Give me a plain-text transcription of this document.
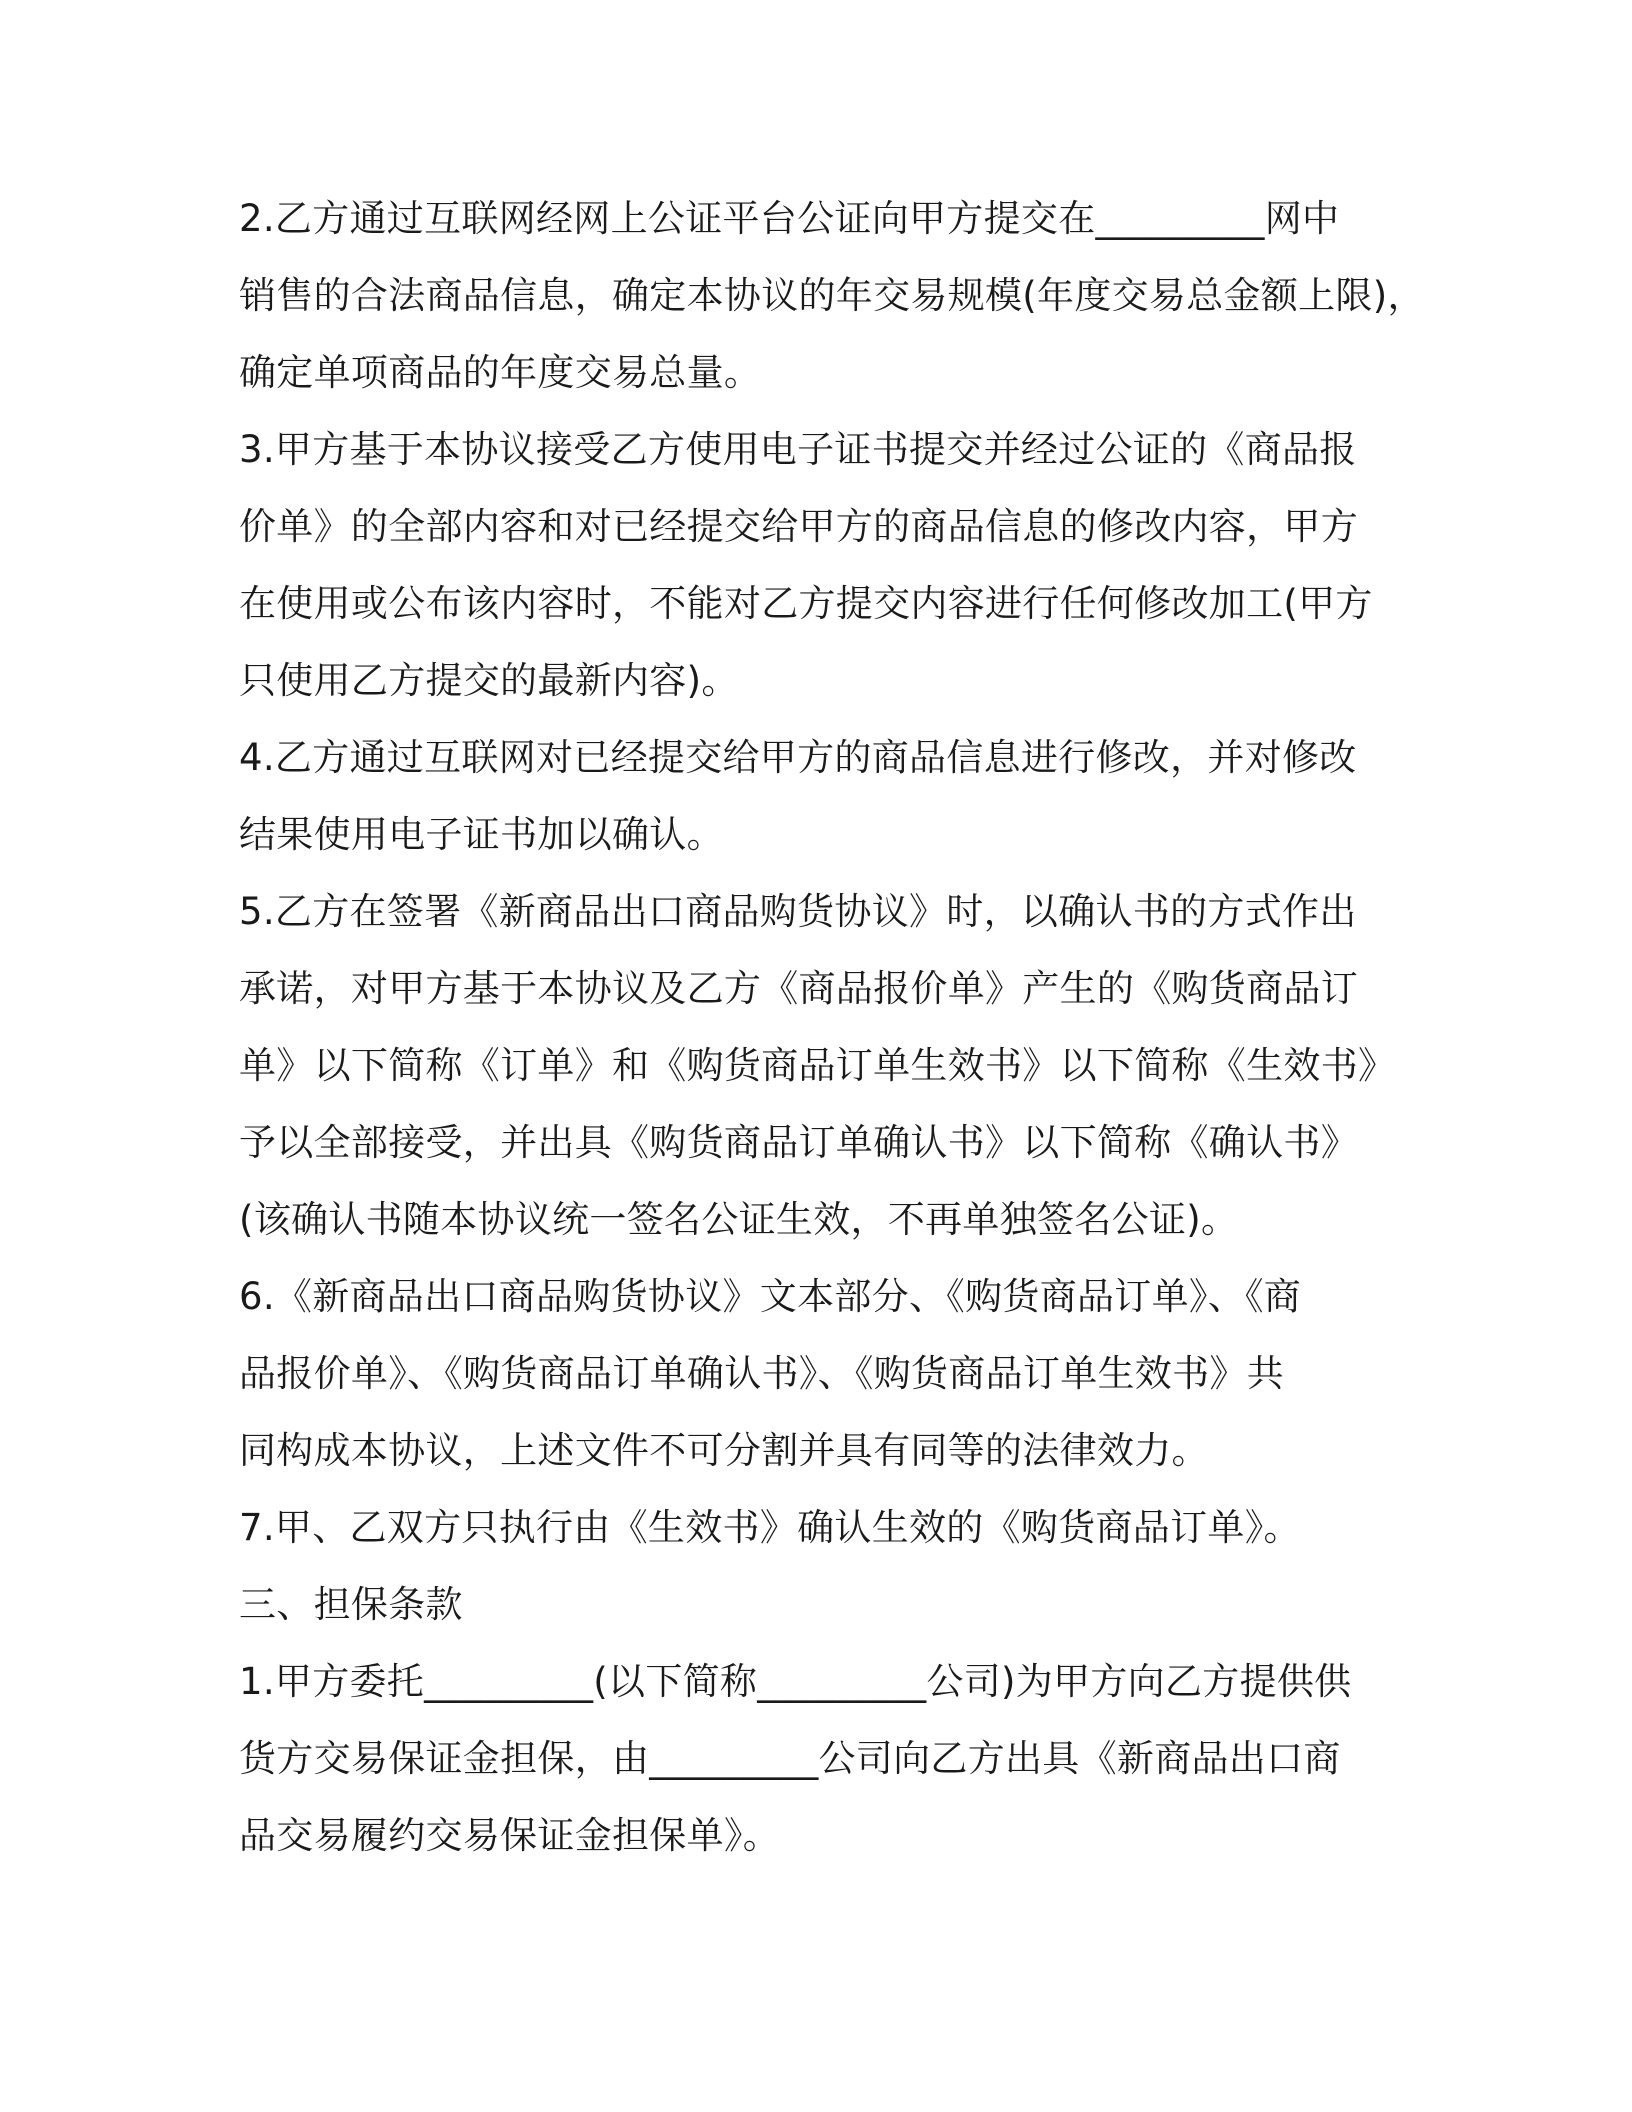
2.乙方通过互联网经网上公证平台公证向甲方提交在_________网中
销售的合法商品信息，确定本协议的年交易规模(年度交易总金额上限)，
确定单项商品的年度交易总量。
3.甲方基于本协议接受乙方使用电子证书提交并经过公证的《商品报
价单》的全部内容和对已经提交给甲方的商品信息的修改内容，甲方
在使用或公布该内容时，不能对乙方提交内容进行任何修改加工(甲方
只使用乙方提交的最新内容)。
4.乙方通过互联网对已经提交给甲方的商品信息进行修改，并对修改
结果使用电子证书加以确认。
5.乙方在签署《新商品出口商品购货协议》时，以确认书的方式作出
承诺，对甲方基于本协议及乙方《商品报价单》产生的《购货商品订
单》以下简称《订单》和《购货商品订单生效书》以下简称《生效书》
予以全部接受，并出具《购货商品订单确认书》以下简称《确认书》
(该确认书随本协议统一签名公证生效，不再单独签名公证)。
6.《新商品出口商品购货协议》文本部分、《购货商品订单》、《商
品报价单》、《购货商品订单确认书》、《购货商品订单生效书》共
同构成本协议，上述文件不可分割并具有同等的法律效力。
7.甲、乙双方只执行由《生效书》确认生效的《购货商品订单》。
三、担保条款
1.甲方委托_________(以下简称_________公司)为甲方向乙方提供供
货方交易保证金担保，由_________公司向乙方出具《新商品出口商
品交易履约交易保证金担保单》。
